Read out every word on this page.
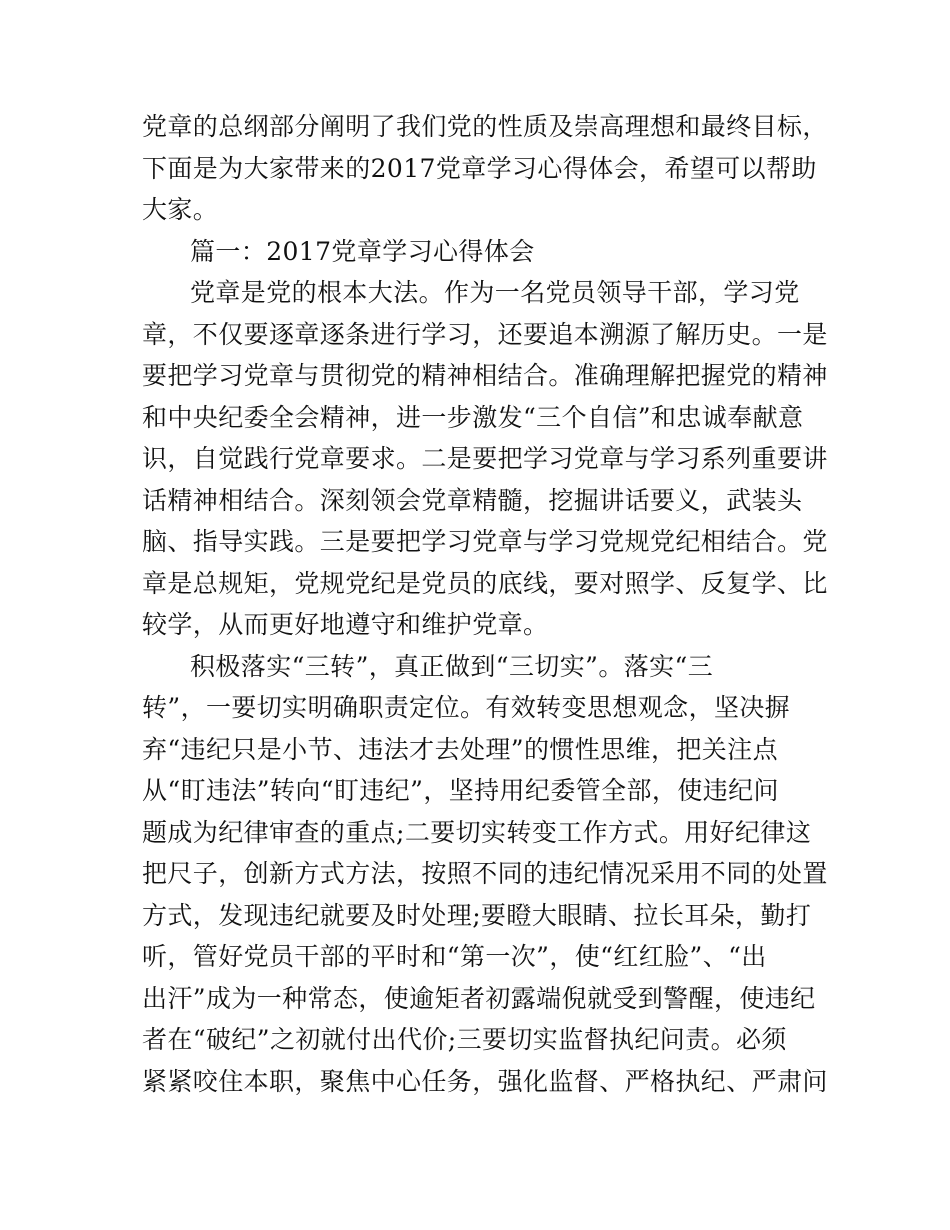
党章的总纲部分阐明了我们党的性质及崇高理想和最终目标，
下面是为大家带来的2017党章学习心得体会，希望可以帮助
大家。
篇一：2017党章学习心得体会
党章是党的根本大法。作为一名党员领导干部，学习党
章，不仅要逐章逐条进行学习，还要追本溯源了解历史。一是
要把学习党章与贯彻党的精神相结合。准确理解把握党的精神
和中央纪委全会精神，进一步激发“三个自信”和忠诚奉献意
识，自觉践行党章要求。二是要把学习党章与学习系列重要讲
话精神相结合。深刻领会党章精髓，挖掘讲话要义，武装头
脑、指导实践。三是要把学习党章与学习党规党纪相结合。党
章是总规矩，党规党纪是党员的底线，要对照学、反复学、比
较学，从而更好地遵守和维护党章。
积极落实“三转”，真正做到“三切实”。落实“三
转”，一要切实明确职责定位。有效转变思想观念，坚决摒
弃“违纪只是小节、违法才去处理”的惯性思维，把关注点
从“盯违法”转向“盯违纪”，坚持用纪委管全部，使违纪问
题成为纪律审查的重点;二要切实转变工作方式。用好纪律这
把尺子，创新方式方法，按照不同的违纪情况采用不同的处置
方式，发现违纪就要及时处理;要瞪大眼睛、拉长耳朵，勤打
听，管好党员干部的平时和“第一次”，使“红红脸”、“出
出汗”成为一种常态，使逾矩者初露端倪就受到警醒，使违纪
者在“破纪”之初就付出代价;三要切实监督执纪问责。必须
紧紧咬住本职，聚焦中心任务，强化监督、严格执纪、严肃问
